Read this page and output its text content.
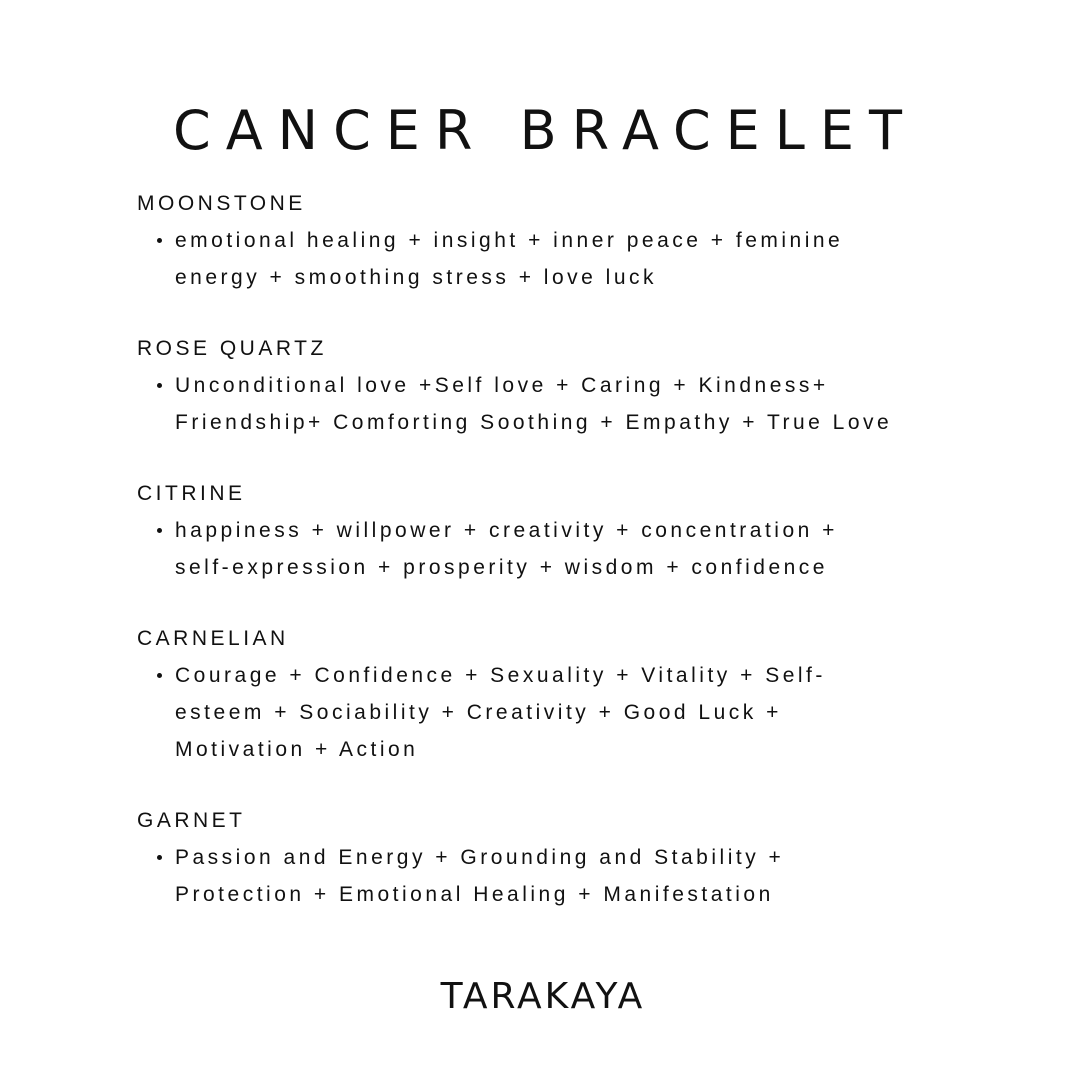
CANCER BRACELET
MOONSTONE
emotional healing + insight + inner peace + feminine energy + smoothing stress + love luck
ROSE QUARTZ
Unconditional love +Self love + Caring + Kindness+ Friendship+ Comforting Soothing + Empathy + True Love
CITRINE
happiness + willpower + creativity + concentration + self-expression + prosperity + wisdom + confidence
CARNELIAN
Courage + Confidence + Sexuality + Vitality + Self-esteem + Sociability + Creativity + Good Luck + Motivation + Action
GARNET
Passion and Energy + Grounding and Stability + Protection + Emotional Healing + Manifestation
TARAKAYA
